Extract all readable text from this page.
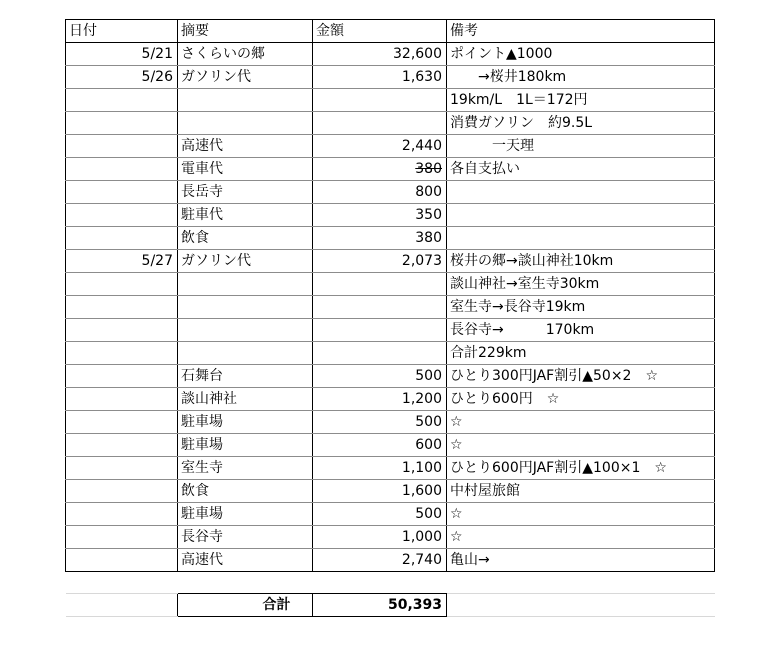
日付	摘要	金額	備考
5/21	さくらいの郷	32,600	ポイント▲1000
5/26	ガソリン代	1,630	　　→桜井180km
			19km/L　1L＝172円
			消費ガソリン　約9.5L
	高速代	2,440	　　　一天理
	電車代	380	各自支払い
	長岳寺	800	
	駐車代	350	
	飲食	380	
5/27	ガソリン代	2,073	桜井の郷→談山神社10km
			談山神社→室生寺30km
			室生寺→長谷寺19km
			長谷寺→　　　170km
			合計229km
	石舞台	500	ひとり300円JAF割引▲50×2　☆
	談山神社	1,200	ひとり600円　☆
	駐車場	500	☆
	駐車場	600	☆
	室生寺	1,100	ひとり600円JAF割引▲100×1　☆
	飲食	1,600	中村屋旅館
	駐車場	500	☆
	長谷寺	1,000	☆
	高速代	2,740	亀山→

	合計	50,393	
